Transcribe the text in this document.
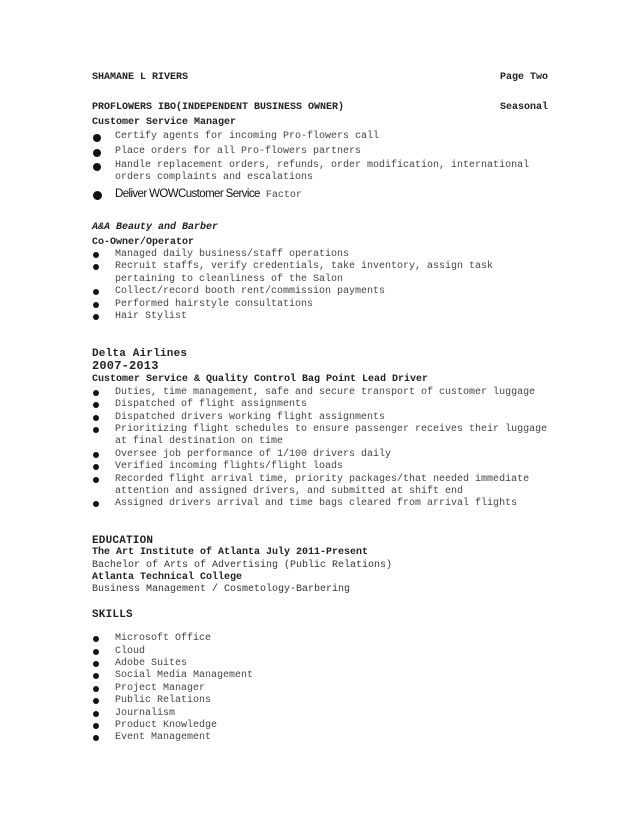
SHAMANE L RIVERS	Page Two
PROFLOWERS IBO(INDEPENDENT BUSINESS OWNER)	Seasonal
Customer Service Manager
Certify agents for incoming Pro-flowers call
Place orders for all Pro-flowers partners
Handle replacement orders, refunds, order modification, international orders complaints and escalations
Deliver WOWCustomer Service Factor
A&A Beauty and Barber
Co-Owner/Operator
Managed daily business/staff operations
Recruit staffs, verify credentials, take inventory, assign task pertaining to cleanliness of the Salon
Collect/record booth rent/commission payments
Performed hairstyle consultations
Hair Stylist
Delta Airlines
2007-2013
Customer Service & Quality Control Bag Point Lead Driver
Duties, time management, safe and secure transport of customer luggage
Dispatched of flight assignments
Dispatched drivers working flight assignments
Prioritizing flight schedules to ensure passenger receives their luggage at final destination on time
Oversee job performance of 1/100 drivers daily
Verified incoming flights/flight loads
Recorded flight arrival time, priority packages/that needed immediate attention and assigned drivers, and submitted at shift end
Assigned drivers arrival and time bags cleared from arrival flights
EDUCATION
The Art Institute of Atlanta July 2011-Present
Bachelor of Arts of Advertising (Public Relations)
Atlanta Technical College
Business Management / Cosmetology-Barbering
SKILLS
Microsoft Office
Cloud
Adobe Suites
Social Media Management
Project Manager
Public Relations
Journalism
Product Knowledge
Event Management
